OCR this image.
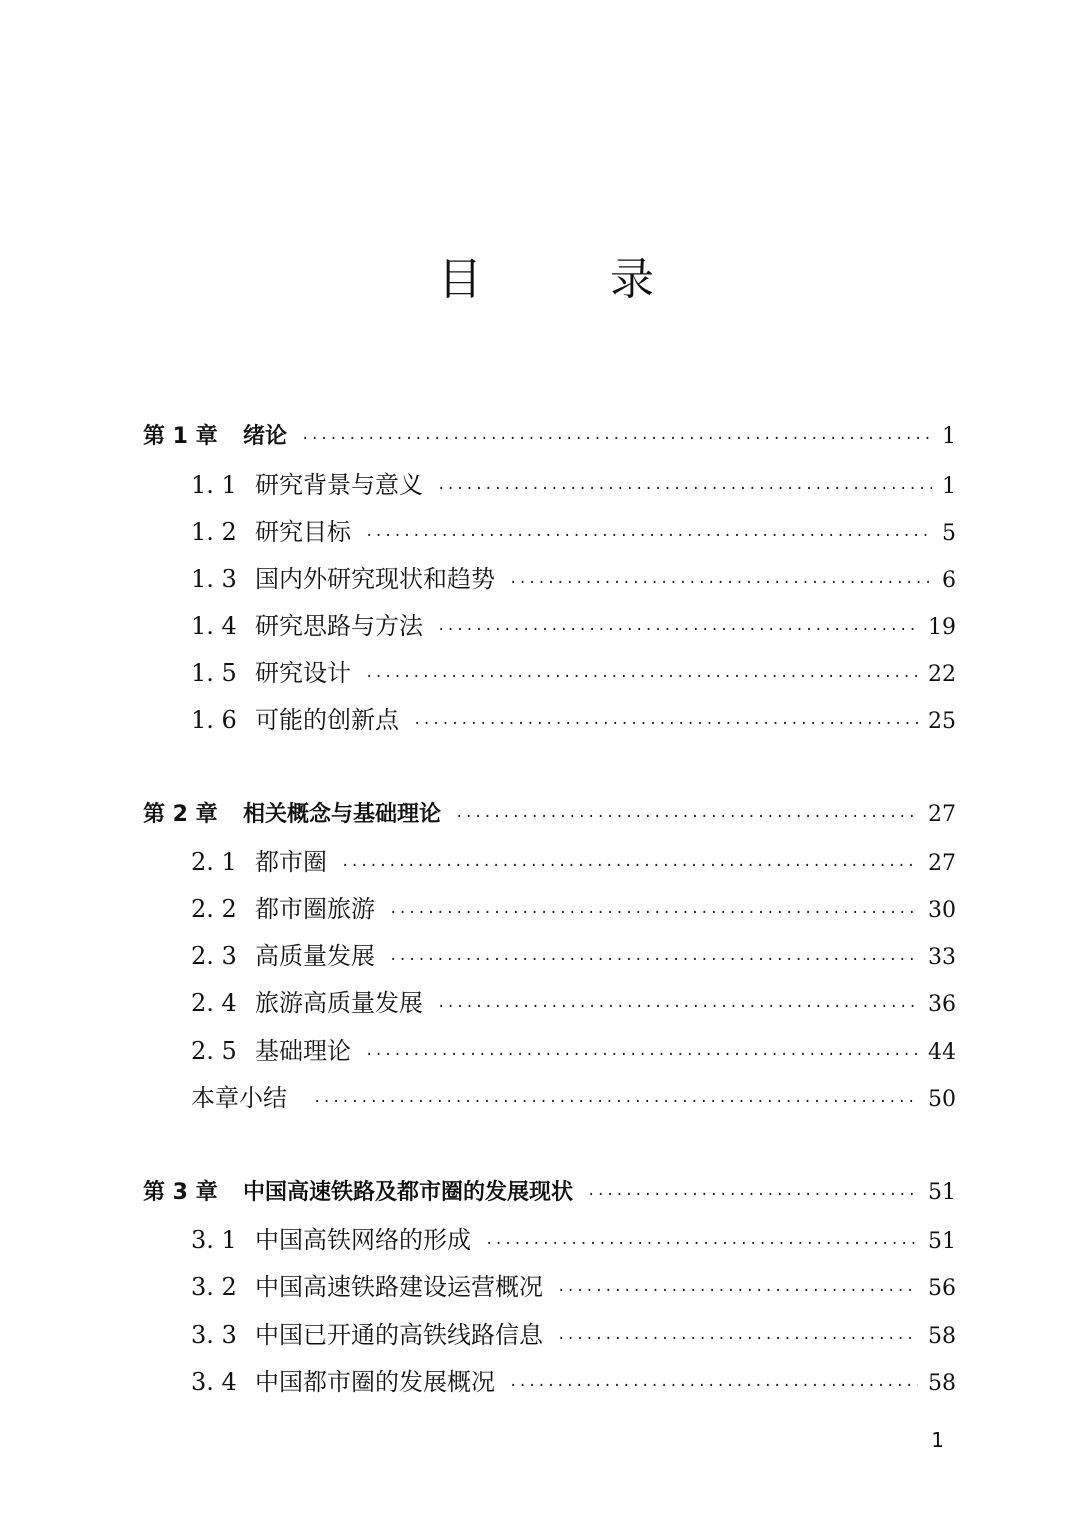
目　录
第 1 章	绪论 ·····	1
1. 1 研究背景与意义 ·····	1
1. 2 研究目标 ·····	5
1. 3 国内外研究现状和趋势 ·····	6
1. 4 研究思路与方法 ·····	19
1. 5 研究设计 ·····	22
1. 6 可能的创新点 ·····	25
第 2 章	相关概念与基础理论 ·····	27
2. 1 都市圈 ·····	27
2. 2 都市圈旅游 ·····	30
2. 3 高质量发展 ·····	33
2. 4 旅游高质量发展 ·····	36
2. 5 基础理论 ·····	44
本章小结 ·····	50
第 3 章	中国高速铁路及都市圈的发展现状 ·····	51
3. 1 中国高铁网络的形成 ·····	51
3. 2 中国高速铁路建设运营概况 ·····	56
3. 3 中国已开通的高铁线路信息 ·····	58
3. 4 中国都市圈的发展概况 ·····	58
1
